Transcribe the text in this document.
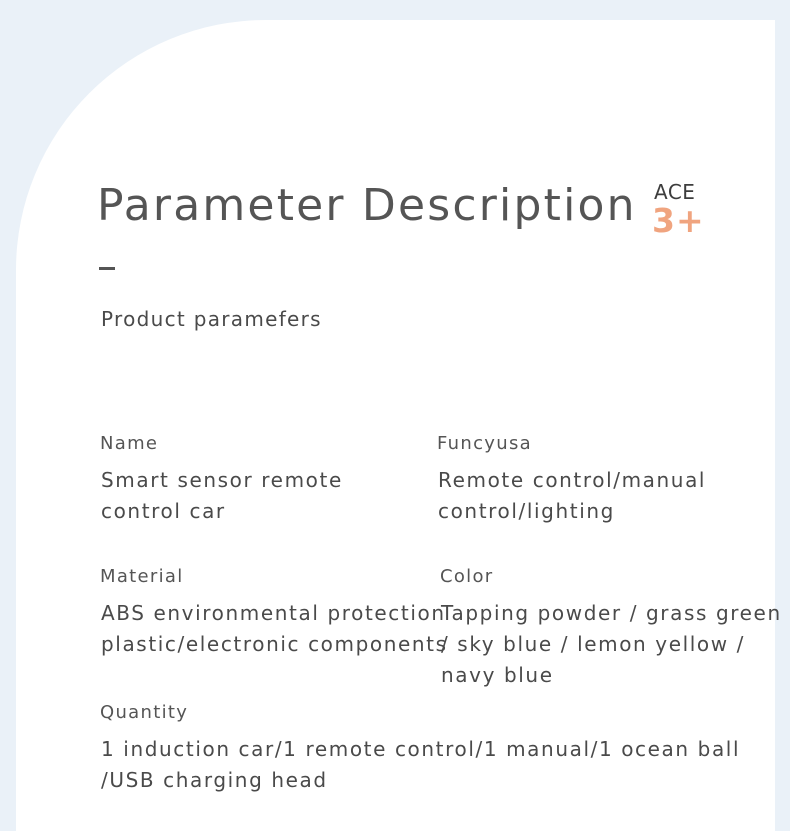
Parameter Description ACE
3+
Product paramefers
Name
Smart sensor remote
control car
Funcyusa
Remote control/manual
control/lighting
Material
ABS environmental protection
plastic/electronic components
Color
Tapping powder / grass green
/ sky blue / lemon yellow /
navy blue
Quantity
1 induction car/1 remote control/1 manual/1 ocean ball
/USB charging head
